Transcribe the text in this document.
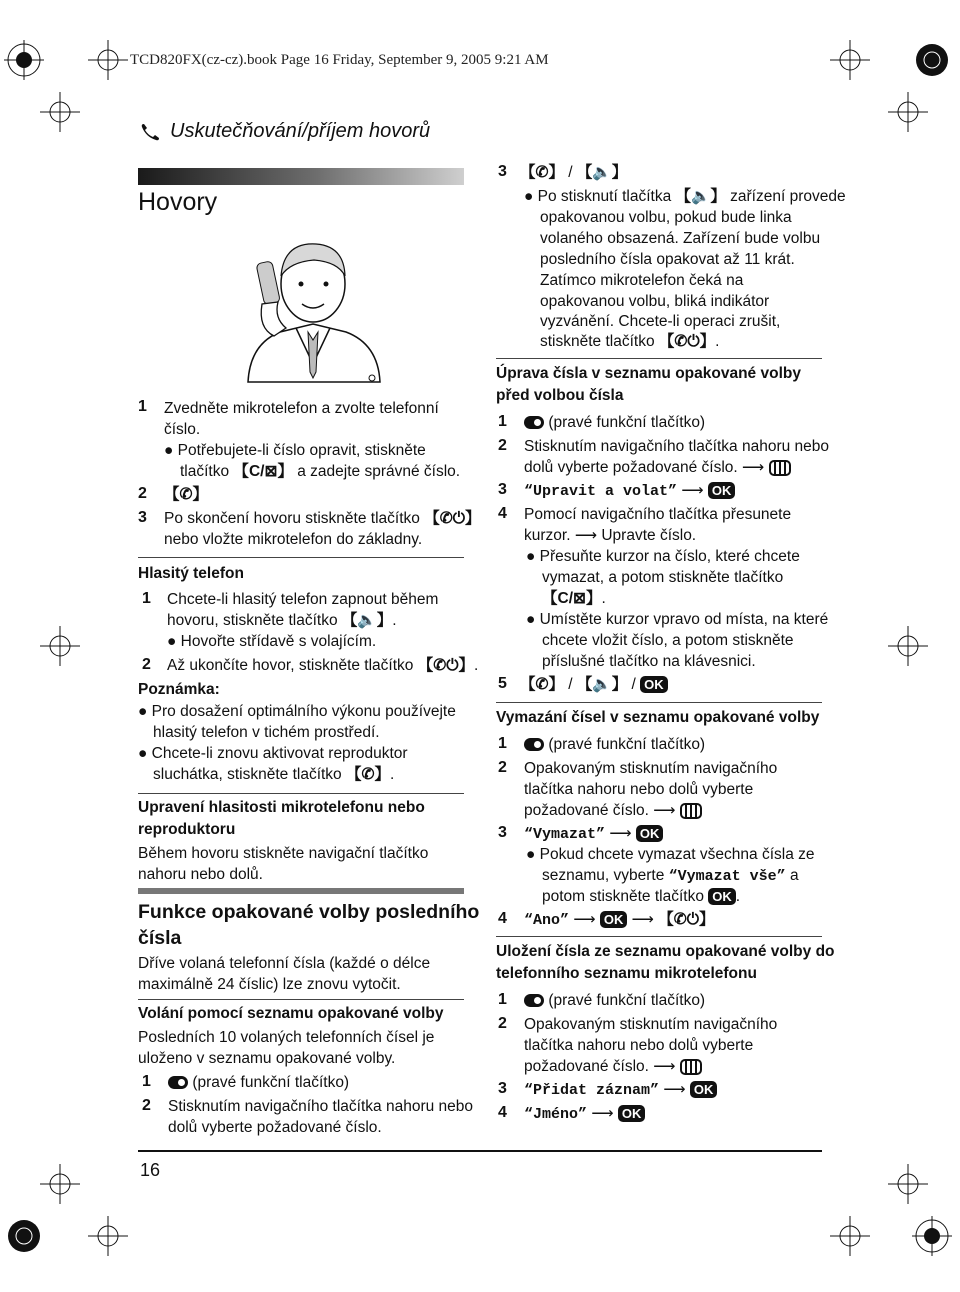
TCD820FX(cz-cz).book Page 16 Friday, September 9, 2005 9:21 AM
Uskutečňování/příjem hovorů
Hovory
1 Zvedněte mikrotelefon a zvolte telefonní
číslo.
● Potřebujete-li číslo opravit, stiskněte
tlačítko 【C/⊠】 a zadejte správné číslo.
2 【✆】
3 Po skončení hovoru stiskněte tlačítko 【✆⏻】
nebo vložte mikrotelefon do základny.
Hlasitý telefon
1 Chcete-li hlasitý telefon zapnout během
hovoru, stiskněte tlačítko 【🔈】.
● Hovořte střídavě s volajícím.
2 Až ukončíte hovor, stiskněte tlačítko 【✆⏻】.
Poznámka:
● Pro dosažení optimálního výkonu používejte
hlasitý telefon v tichém prostředí.
● Chcete-li znovu aktivovat reproduktor
sluchátka, stiskněte tlačítko 【✆】.
Upravení hlasitosti mikrotelefonu nebo
reproduktoru
Během hovoru stiskněte navigační tlačítko
nahoru nebo dolů.
Funkce opakované volby posledního
čísla
Dříve volaná telefonní čísla (každé o délce
maximálně 24 číslic) lze znovu vytočit.
Volání pomocí seznamu opakované volby
Posledních 10 volaných telefonních čísel je
uloženo v seznamu opakované volby.
1	(pravé funkční tlačítko)
2 Stisknutím navigačního tlačítka nahoru nebo
dolů vyberte požadované číslo.
3 【✆】 / 【🔈】
● Po stisknutí tlačítka 【🔈】 zařízení provede
opakovanou volbu, pokud bude linka
volaného obsazená. Zařízení bude volbu
posledního čísla opakovat až 11 krát.
Zatímco mikrotelefon čeká na
opakovanou volbu, bliká indikátor
vyzvánění. Chcete-li operaci zrušit,
stiskněte tlačítko 【✆⏻】.
Úprava čísla v seznamu opakované volby
před volbou čísla
1	(pravé funkční tlačítko)
2 Stisknutím navigačního tlačítka nahoru nebo
dolů vyberte požadované číslo. ⟶
3 “Upravit a volat” ⟶ OK
4 Pomocí navigačního tlačítka přesunete
kurzor. ⟶ Upravte číslo.
● Přesuňte kurzor na číslo, které chcete
vymazat, a potom stiskněte tlačítko
【C/⊠】.
● Umístěte kurzor vpravo od místa, na které
chcete vložit číslo, a potom stiskněte
příslušné tlačítko na klávesnici.
5 【✆】 / 【🔈】 / OK
Vymazání čísel v seznamu opakované volby
1	(pravé funkční tlačítko)
2 Opakovaným stisknutím navigačního
tlačítka nahoru nebo dolů vyberte
požadované číslo. ⟶
3 “Vymazat” ⟶ OK
● Pokud chcete vymazat všechna čísla ze
seznamu, vyberte “Vymazat vše” a
potom stiskněte tlačítko OK .
4 “Ano” ⟶ OK ⟶ 【✆⏻】
Uložení čísla ze seznamu opakované volby do
telefonního seznamu mikrotelefonu
1	(pravé funkční tlačítko)
2 Opakovaným stisknutím navigačního
tlačítka nahoru nebo dolů vyberte
požadované číslo. ⟶
3 “Přidat záznam” ⟶ OK
4 “Jméno” ⟶ OK
16
